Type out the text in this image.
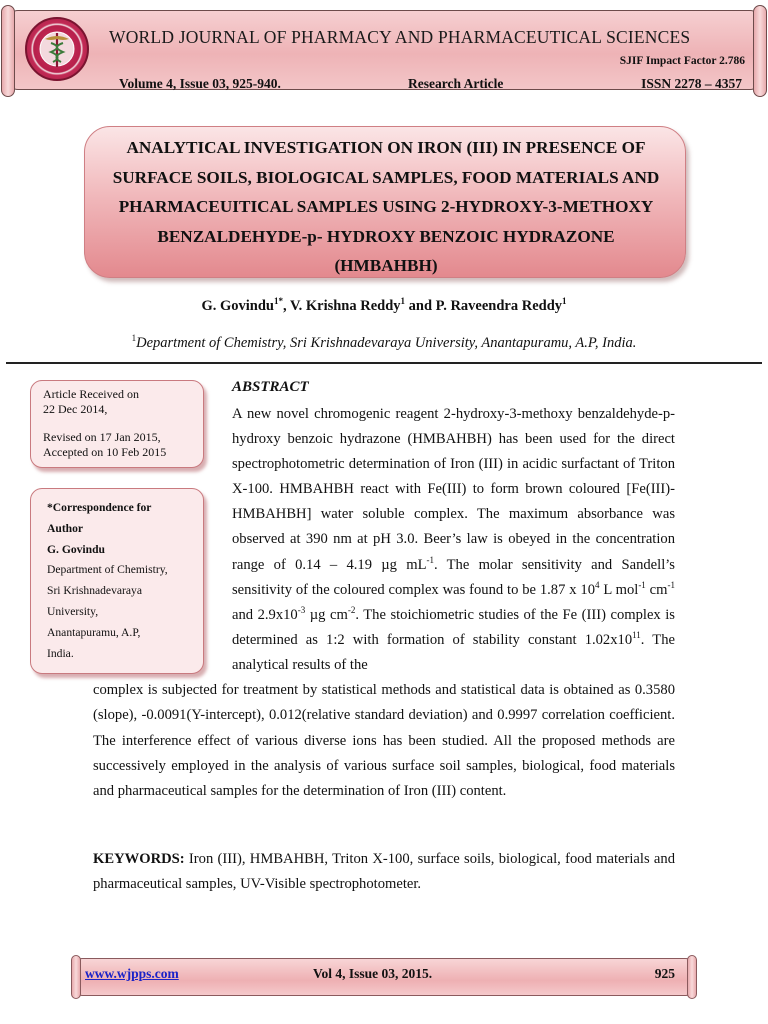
WORLD JOURNAL OF PHARMACY AND PHARMACEUTICAL SCIENCES
SJIF Impact Factor 2.786
Volume 4, Issue 03, 925-940.	Research Article	ISSN 2278 – 4357
ANALYTICAL INVESTIGATION ON IRON (III) IN PRESENCE OF
SURFACE SOILS, BIOLOGICAL SAMPLES, FOOD MATERIALS AND
PHARMACEUITICAL SAMPLES USING 2-HYDROXY-3-METHOXY
BENZALDEHYDE-p- HYDROXY BENZOIC HYDRAZONE
(HMBAHBH)
G. Govindu$^{1*}$, V. Krishna Reddy$^1$ and P. Raveendra Reddy$^1$
$^1$Department of Chemistry, Sri Krishnadevaraya University, Anantapuramu, A.P, India.
Article Received on
22 Dec 2014,
Revised on 17 Jan 2015,
Accepted on 10 Feb 2015
*Correspondence for
Author
G. Govindu
Department of Chemistry,
Sri Krishnadevaraya
University,
Anantapuramu, A.P,
India.
ABSTRACT
A new novel chromogenic reagent 2-hydroxy-3-methoxy benzaldehyde-p-hydroxy benzoic hydrazone (HMBAHBH) has been used for the direct spectrophotometric determination of Iron (III) in acidic surfactant of Triton X-100. HMBAHBH react with Fe(III) to form brown coloured [Fe(III)-HMBAHBH] water soluble complex. The maximum absorbance was observed at 390 nm at pH 3.0. Beer’s law is obeyed in the concentration range of 0.14 – 4.19 µg $mL^{-1}$. The molar sensitivity and Sandell’s sensitivity of the coloured complex was found to be 1.87 x $10^4$ L mol$^{-1}$ $cm^{-1}$ and $2.9x10^{-3}$ µg $cm^{-2}$. The stoichiometric studies of the Fe (III) complex is determined as 1:2 with formation of stability constant $1.02x10^{11}$. The analytical results of the
complex is subjected for treatment by statistical methods and statistical data is obtained as 0.3580 (slope), -0.0091(Y-intercept), 0.012(relative standard deviation) and 0.9997 correlation coefficient. The interference effect of various diverse ions has been studied. All the proposed methods are successively employed in the analysis of various surface soil samples, biological, food materials and pharmaceutical samples for the determination of Iron (III) content.
KEYWORDS: Iron (III), HMBAHBH, Triton X-100, surface soils, biological, food materials and pharmaceutical samples, UV-Visible spectrophotometer.
www.wjpps.com	Vol 4, Issue 03, 2015.	925
